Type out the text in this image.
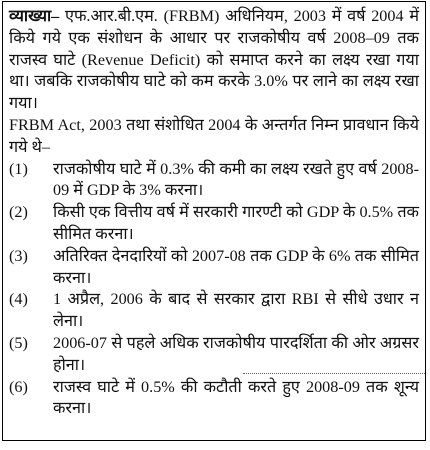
व्याख्या– एफ.आर.बी.एम. (FRBM) अधिनियम, 2003 में वर्ष 2004 में किये गये एक संशोधन के आधार पर राजकोषीय वर्ष 2008–09 तक राजस्व घाटे (Revenue Deficit) को समाप्त करने का लक्ष्य रखा गया था। जबकि राजकोषीय घाटे को कम करके 3.0% पर लाने का लक्ष्य रखा गया।

FRBM Act, 2003 तथा संशोधित 2004 के अन्तर्गत निम्न प्रावधान किये गये थे–

(1)	राजकोषीय घाटे में 0.3% की कमी का लक्ष्य रखते हुए वर्ष 2008-09 में GDP के 3% करना।
(2)	किसी एक वित्तीय वर्ष में सरकारी गारण्टी को GDP के 0.5% तक सीमित करना।
(3)	अतिरिक्त देनदारियों को 2007-08 तक GDP के 6% तक सीमित करना।
(4)	1 अप्रैल, 2006 के बाद से सरकार द्वारा RBI से सीधे उधार न लेना।
(5)	2006-07 से पहले अधिक राजकोषीय पारदर्शिता की ओर अग्रसर होना।
(6)	राजस्व घाटे में 0.5% की कटौती करते हुए 2008-09 तक शून्य करना।
